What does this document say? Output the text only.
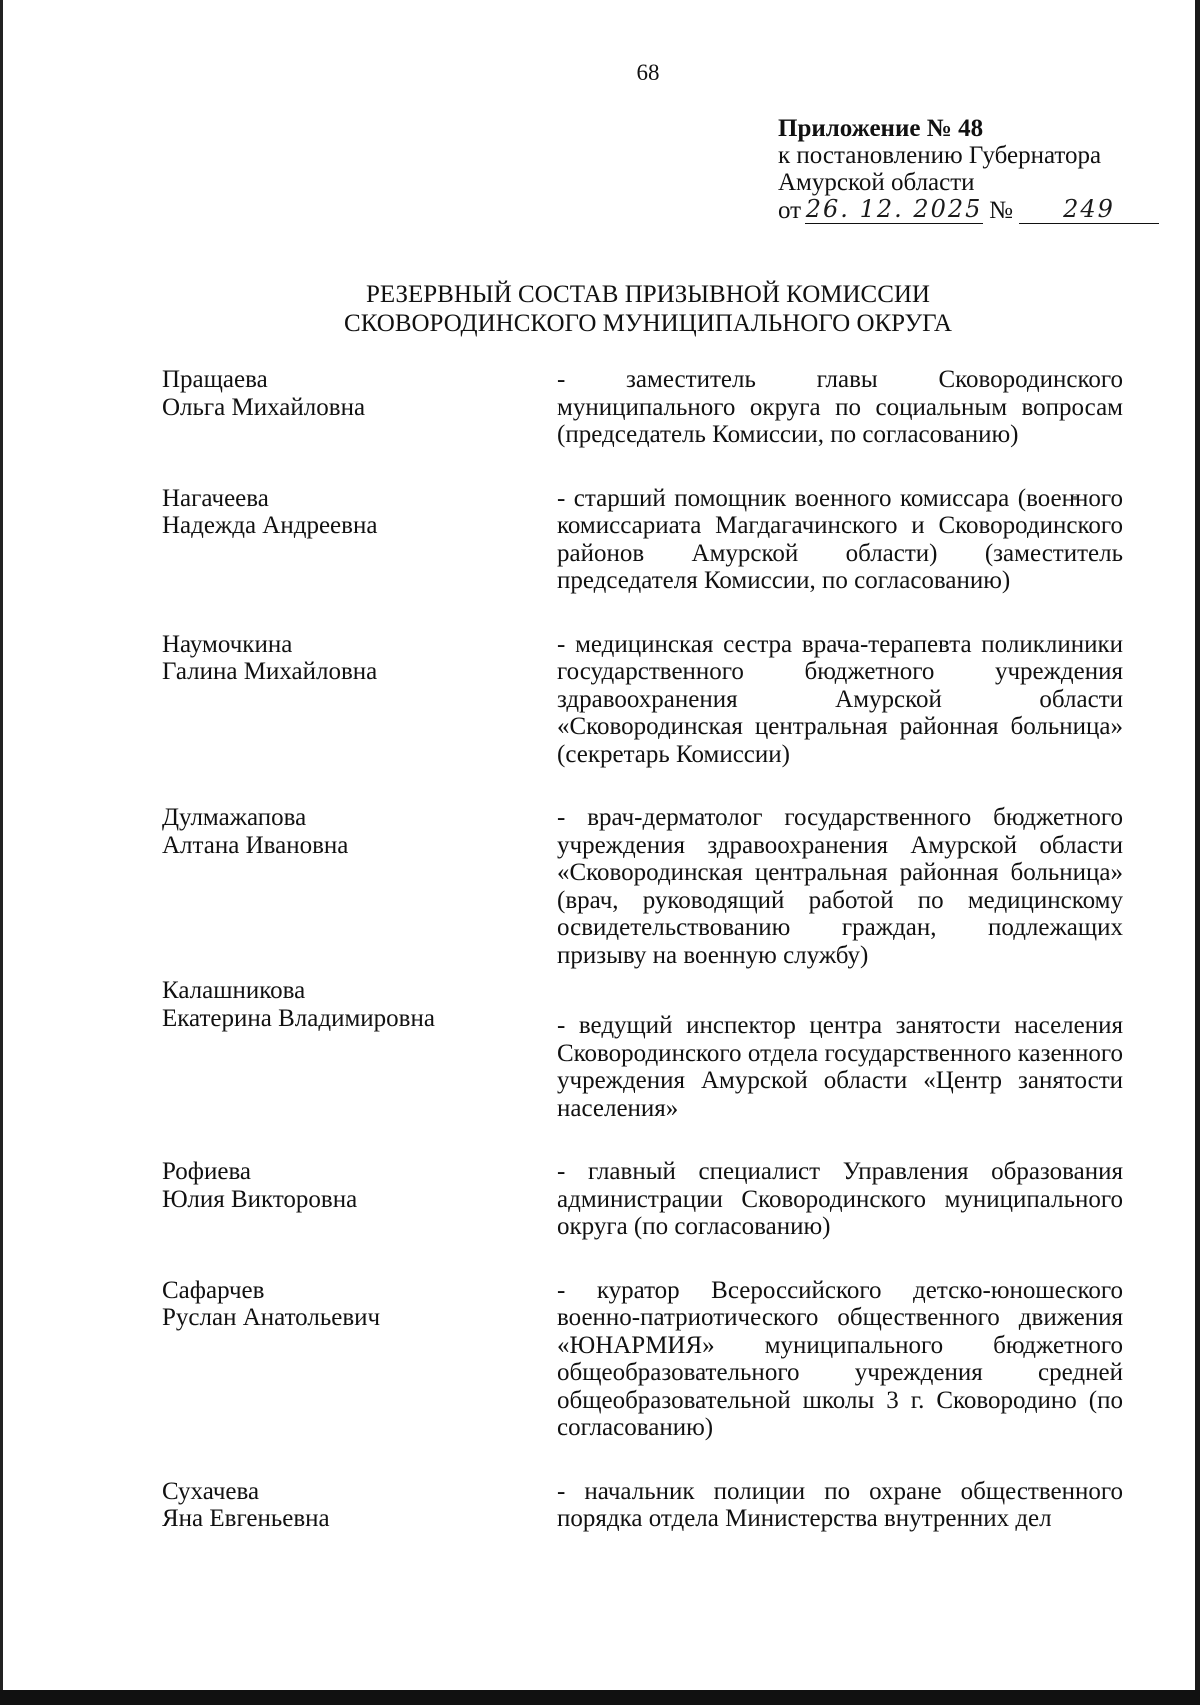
68
Приложение № 48
к постановлению Губернатора
Амурской области
от 26. 12. 2025 №	249
РЕЗЕРВНЫЙ СОСТАВ ПРИЗЫВНОЙ КОМИССИИ
СКОВОРОДИНСКОГО МУНИЦИПАЛЬНОГО ОКРУГА
Пращаева
Ольга Михайловна
- заместитель главы Сковородинского муниципального округа по социальным вопросам (председатель Комиссии, по согласованию)
Нагачеева
Надежда Андреевна
- старший помощник военного комиссара (военного комиссариата Магдагачинского и Сковородинского районов Амурской области) (заместитель председателя Комиссии, по согласованию)
Наумочкина
Галина Михайловна
- медицинская сестра врача-терапевта поликлиники государственного бюджетного учреждения здравоохранения Амурской области «Сковородинская центральная районная больница» (секретарь Комиссии)
Дулмажапова
Алтана Ивановна
- врач-дерматолог государственного бюджетного учреждения здравоохранения Амурской области «Сковородинская центральная районная больница» (врач, руководящий работой по медицинскому освидетельствованию граждан, подлежащих призыву на военную службу)
Калашникова
Екатерина Владимировна	- ведущий инспектор центра занятости населения Сковородинского отдела государственного казенного учреждения Амурской области «Центр занятости населения»
Рофиева
Юлия Викторовна
- главный специалист Управления образования администрации Сковородинского муниципального округа (по согласованию)
Сафарчев
Руслан Анатольевич
- куратор Всероссийского детско-юношеского военно-патриотического общественного движения «ЮНАРМИЯ» муниципального бюджетного общеобразовательного учреждения средней общеобразовательной школы 3 г. Сковородино (по согласованию)
Сухачева
Яна Евгеньевна
- начальник полиции по охране общественного порядка отдела Министерства внутренних дел
